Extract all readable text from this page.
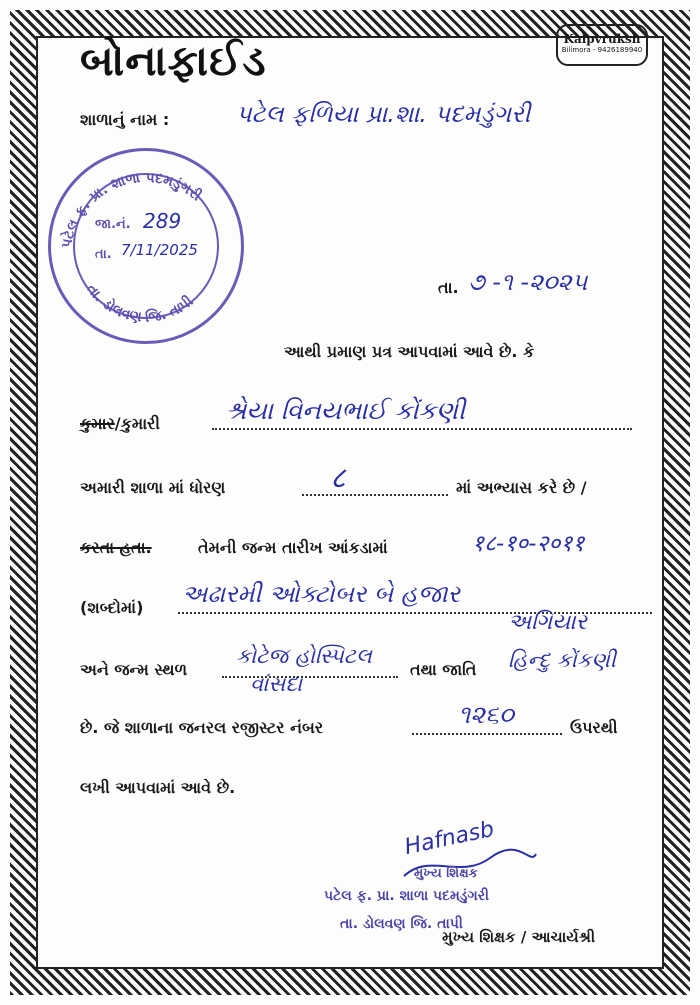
બોનાફાઈડ	Kalpvruksh
Bilimora - 9426189940
શાળાનું નામ :	પટેલ ફળિયા પ્રા.શા. પદમડુંગરી
પટેલ ફ. પ્રા. શાળા પદમડુંગરી
તા. ડોલવણ જિ. તાપી
જા.નં. 289
તા. 7/11/2025
તા. ૭ -૧ -૨૦૨૫
આથી પ્રમાણ પ્રત્ર આપવામાં આવે છે. કે
કુમાર/કુમારી	શ્રેયા વિનયભાઈ કોંકણી
અમારી શાળા માં ધોરણ	८	માં અભ્યાસ કરે છે /
કરતા હતા.	તેમની જન્મ તારીખ આંકડામાં	१८-१०-२०११
(શબ્દોમાં) અઢારમી ઓક્ટોબર બે હજાર
અગિયાર
અને જન્મ સ્થળ
કોટેજ હોસ્પિટલ
વાંસદા
તથા જાતિ હિન્દુ કોંકણી
છે. જે શાળાના જનરલ રજીસ્ટર નંબર	૧૨૬૦	ઉપરથી
લખી આપવામાં આવે છે.
Hafnasb
મુખ્ય શિક્ષક
પટેલ ફ. પ્રા. શાળા પદમડુંગરી
તા. ડોલવણ જિ. તાપી
મુખ્ય શિક્ષક / આચાર્યશ્રી
